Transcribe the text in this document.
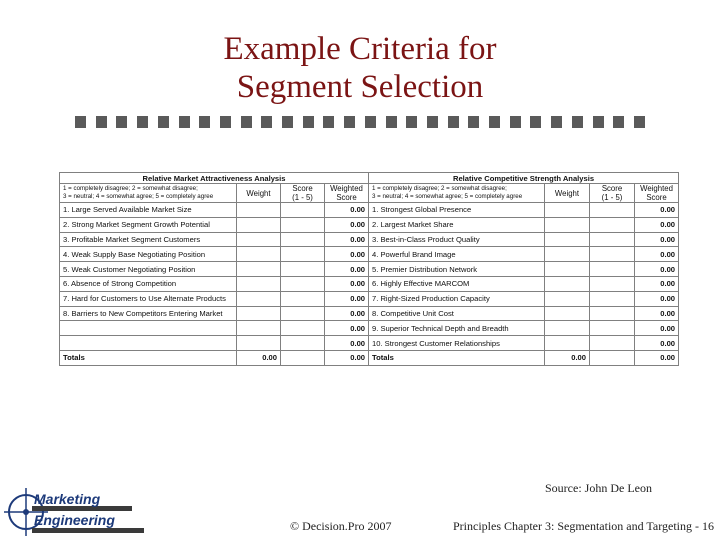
Example Criteria for
Segment Selection
Relative Market Attractiveness Analysis			
1 = completely disagree; 2 = somewhat disagree;
3 = neutral; 4 = somewhat agree; 5 = completely agree	Weight	Score
(1 - 5)	Weighted
Score
1. Large Served Available Market Size			0.00
2. Strong Market Segment Growth Potential			0.00
3. Profitable Market Segment Customers			0.00
4. Weak Supply Base Negotiating Position			0.00
5. Weak Customer Negotiating Position			0.00
6. Absence of Strong Competition			0.00
7. Hard for Customers to Use Alternate Products			0.00
8. Barriers to New Competitors Entering Market			0.00
			0.00
			0.00
Totals	0.00		0.00
Relative Competitive Strength Analysis			
1 = completely disagree; 2 = somewhat disagree;
3 = neutral; 4 = somewhat agree; 5 = completely agree	Weight	Score
(1 - 5)	Weighted
Score
1. Strongest Global Presence			0.00
2. Largest Market Share			0.00
3. Best-in-Class Product Quality			0.00
4. Powerful Brand Image			0.00
5. Premier Distribution Network			0.00
6. Highly Effective MARCOM			0.00
7. Right-Sized Production Capacity			0.00
8. Competitive Unit Cost			0.00
9. Superior Technical Depth and Breadth			0.00
10. Strongest Customer Relationships			0.00
Totals	0.00		0.00
Source: John De Leon
Marketing
Engineering	© Decision.Pro 2007	Principles Chapter 3: Segmentation and Targeting - 16
